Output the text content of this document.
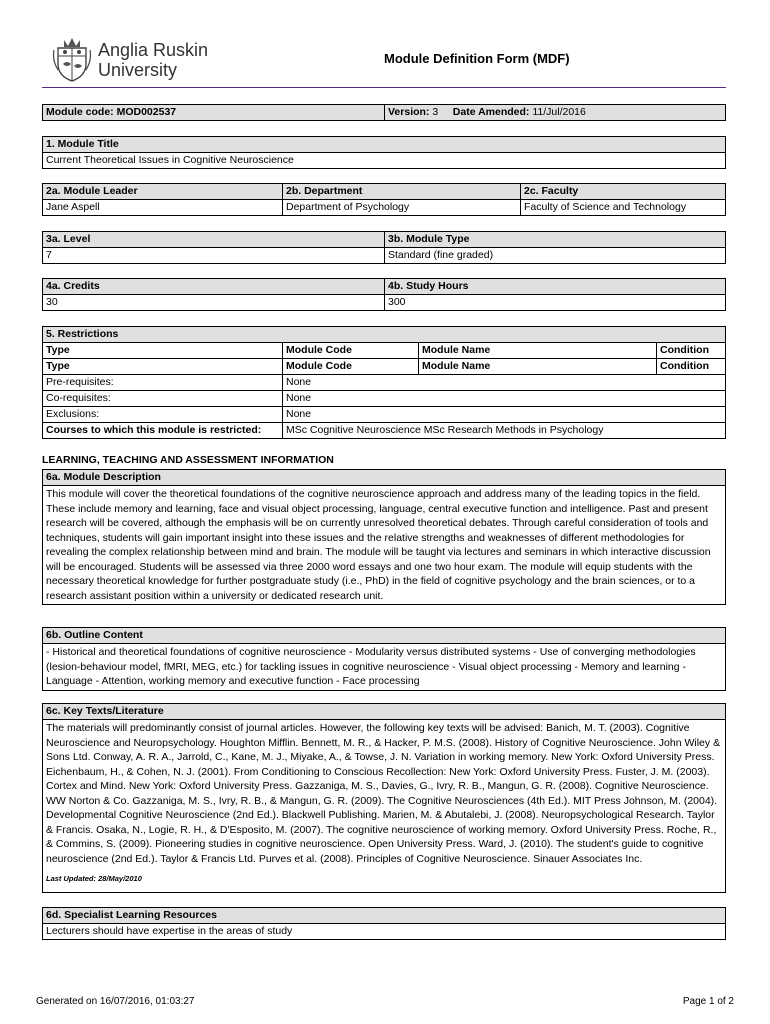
Anglia Ruskin
University
Module Definition Form (MDF)
Module code: MOD002537	Version: 3 Date Amended: 11/Jul/2016
1. Module Title
Current Theoretical Issues in Cognitive Neuroscience
2a. Module Leader	2b. Department	2c. Faculty
Jane Aspell	Department of Psychology	Faculty of Science and Technology
3a. Level	3b. Module Type
7	Standard (fine graded)
4a. Credits	4b. Study Hours
30	300
5. Restrictions			
Type	Module Code	Module Name	Condition
Type	Module Code	Module Name	Condition
Pre-requisites:	None		
Co-requisites:	None		
Exclusions:	None		
Courses to which this module is restricted:	MSc Cognitive Neuroscience MSc Research Methods in Psychology		
LEARNING, TEACHING AND ASSESSMENT INFORMATION
6a. Module Description
This module will cover the theoretical foundations of the cognitive neuroscience approach and address many of the leading topics in the field. These include memory and learning, face and visual object processing, language, central executive function and intelligence. Past and present research will be covered, although the emphasis will be on currently unresolved theoretical debates. Through careful consideration of tools and techniques, students will gain important insight into these issues and the relative strengths and weaknesses of different methodologies for revealing the complex relationship between mind and brain. The module will be taught via lectures and seminars in which interactive discussion will be encouraged. Students will be assessed via three 2000 word essays and one two hour exam. The module will equip students with the necessary theoretical knowledge for further postgraduate study (i.e., PhD) in the field of cognitive psychology and the brain sciences, or to a research assistant position within a university or dedicated research unit.
6b. Outline Content
- Historical and theoretical foundations of cognitive neuroscience - Modularity versus distributed systems - Use of converging methodologies (lesion-behaviour model, fMRI, MEG, etc.) for tackling issues in cognitive neuroscience - Visual object processing - Memory and learning - Language - Attention, working memory and executive function - Face processing
6c. Key Texts/Literature
The materials will predominantly consist of journal articles. However, the following key texts will be advised: Banich, M. T. (2003). Cognitive Neuroscience and Neuropsychology. Houghton Mifflin. Bennett, M. R., & Hacker, P. M.S. (2008). History of Cognitive Neuroscience. John Wiley & Sons Ltd. Conway, A. R. A., Jarrold, C., Kane, M. J., Miyake, A., & Towse, J. N. Variation in working memory. New York: Oxford University Press. Eichenbaum, H., & Cohen, N. J. (2001). From Conditioning to Conscious Recollection: New York: Oxford University Press. Fuster, J. M. (2003). Cortex and Mind. New York: Oxford University Press. Gazzaniga, M. S., Davies, G., Ivry, R. B., Mangun, G. R. (2008). Cognitive Neuroscience. WW Norton & Co. Gazzaniga, M. S., Ivry, R. B., & Mangun, G. R. (2009). The Cognitive Neurosciences (4th Ed.). MIT Press Johnson, M. (2004). Developmental Cognitive Neuroscience (2nd Ed.). Blackwell Publishing. Marien, M. & Abutalebi, J. (2008). Neuropsychological Research. Taylor & Francis. Osaka, N., Logie, R. H., & D'Esposito, M. (2007). The cognitive neuroscience of working memory. Oxford University Press. Roche, R., & Commins, S. (2009). Pioneering studies in cognitive neuroscience. Open University Press. Ward, J. (2010). The student's guide to cognitive neuroscience (2nd Ed.). Taylor & Francis Ltd. Purves et al. (2008). Principles of Cognitive Neuroscience. Sinauer Associates Inc.
Last Updated: 28/May/2010
6d. Specialist Learning Resources
Lecturers should have expertise in the areas of study
Generated on 16/07/2016, 01:03:27	Page 1 of 2
